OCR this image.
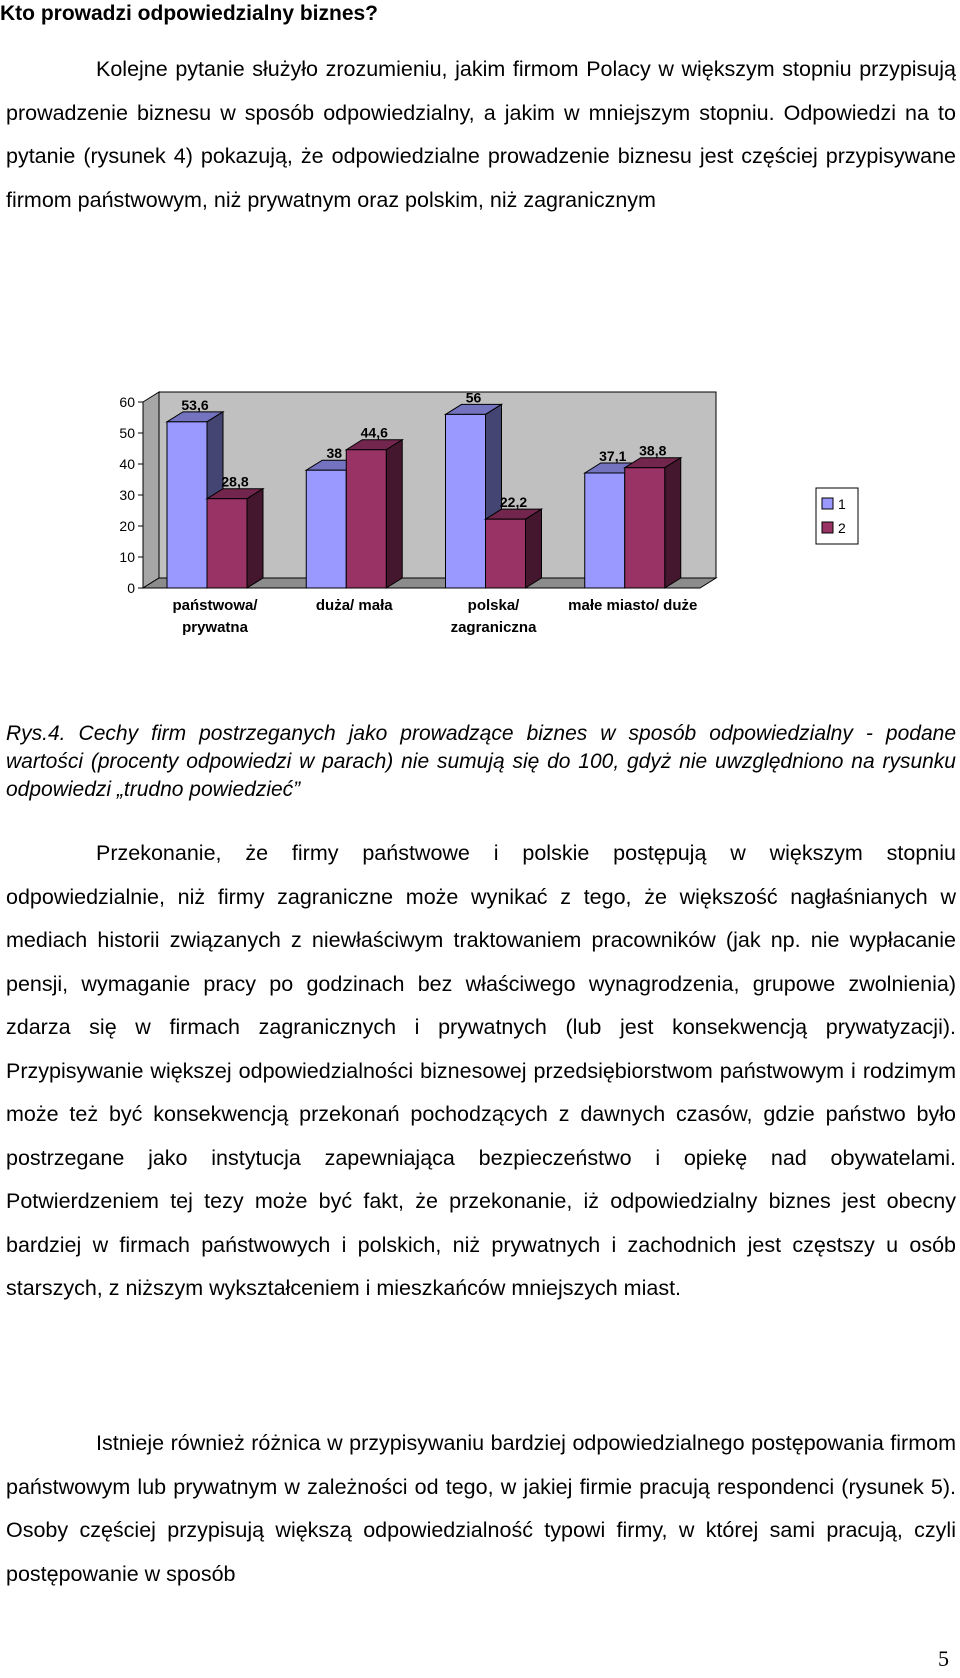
Kto prowadzi odpowiedzialny biznes?

Kolejne pytanie służyło zrozumieniu, jakim firmom Polacy w większym stopniu przypisują prowadzenie biznesu w sposób odpowiedzialny, a jakim w mniejszym stopniu. Odpowiedzi na to pytanie (rysunek 4) pokazują, że odpowiedzialne prowadzenie biznesu jest częściej przypisywane firmom państwowym, niż prywatnym oraz polskim, niż zagranicznym

0
10
20
30
40
50
60	53,6
28,8
państwowa/
prywatna
38
44,6
duża/ mała
56
22,2
polska/
zagraniczna
37,1 38,8
małe miasto/ duże
1
2

Rys.4. Cechy firm postrzeganych jako prowadzące biznes w sposób odpowiedzialny - podane wartości (procenty odpowiedzi w parach) nie sumują się do 100, gdyż nie uwzględniono na rysunku odpowiedzi „trudno powiedzieć”

Przekonanie, że firmy państwowe i polskie postępują w większym stopniu odpowiedzialnie, niż firmy zagraniczne może wynikać z tego, że większość nagłaśnianych w mediach historii związanych z niewłaściwym traktowaniem pracowników (jak np. nie wypłacanie pensji, wymaganie pracy po godzinach bez właściwego wynagrodzenia, grupowe zwolnienia) zdarza się w firmach zagranicznych i prywatnych (lub jest konsekwencją prywatyzacji). Przypisywanie większej odpowiedzialności biznesowej przedsiębiorstwom państwowym i rodzimym może też być konsekwencją przekonań pochodzących z dawnych czasów, gdzie państwo było postrzegane jako instytucja zapewniająca bezpieczeństwo i opiekę nad obywatelami. Potwierdzeniem tej tezy może być fakt, że przekonanie, iż odpowiedzialny biznes jest obecny bardziej w firmach państwowych i polskich, niż prywatnych i zachodnich jest częstszy u osób starszych, z niższym wykształceniem i mieszkańców mniejszych miast.

Istnieje również różnica w przypisywaniu bardziej odpowiedzialnego postępowania firmom państwowym lub prywatnym w zależności od tego, w jakiej firmie pracują respondenci (rysunek 5). Osoby częściej przypisują większą odpowiedzialność typowi firmy, w której sami pracują, czyli postępowanie w sposób

5
